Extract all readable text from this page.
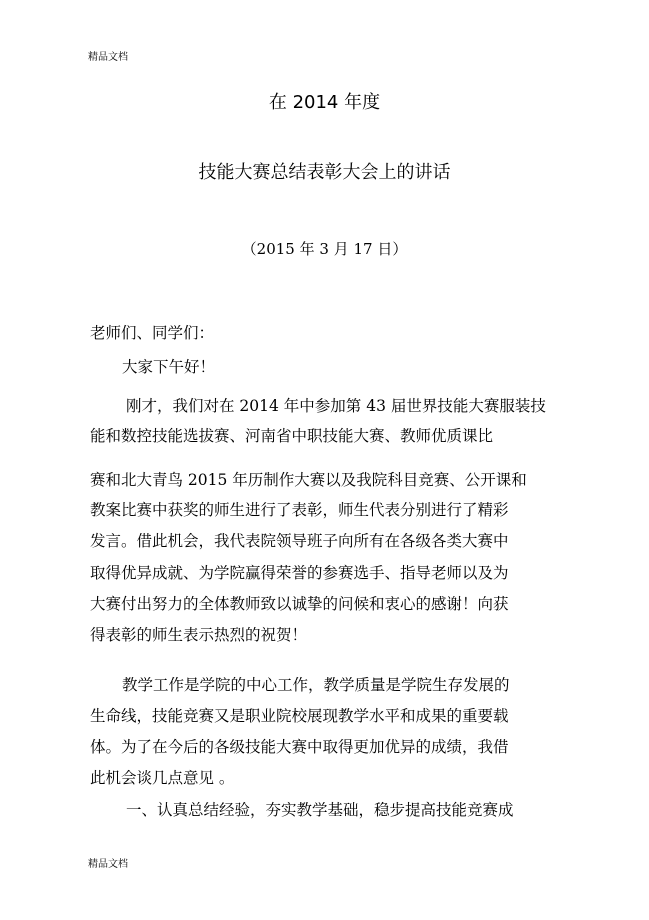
精品文档
在 2014 年度
技能大赛总结表彰大会上的讲话
（2015 年 3 月 17 日）
老师们、同学们：
大家下午好！
刚才，我们对在 2014 年中参加第 43 届世界技能大赛服装技
能和数控技能选拔赛、河南省中职技能大赛、教师优质课比
赛和北大青鸟 2015 年历制作大赛以及我院科目竞赛、公开课和
教案比赛中获奖的师生进行了表彰，师生代表分别进行了精彩
发言。借此机会，我代表院领导班子向所有在各级各类大赛中
取得优异成就、为学院赢得荣誉的参赛选手、指导老师以及为
大赛付出努力的全体教师致以诚挚的问候和衷心的感谢！向获
得表彰的师生表示热烈的祝贺！
教学工作是学院的中心工作，教学质量是学院生存发展的
生命线，技能竞赛又是职业院校展现教学水平和成果的重要载
体。为了在今后的各级技能大赛中取得更加优异的成绩，我借
此机会谈几点意见 。
一、认真总结经验，夯实教学基础，稳步提高技能竞赛成
精品文档
